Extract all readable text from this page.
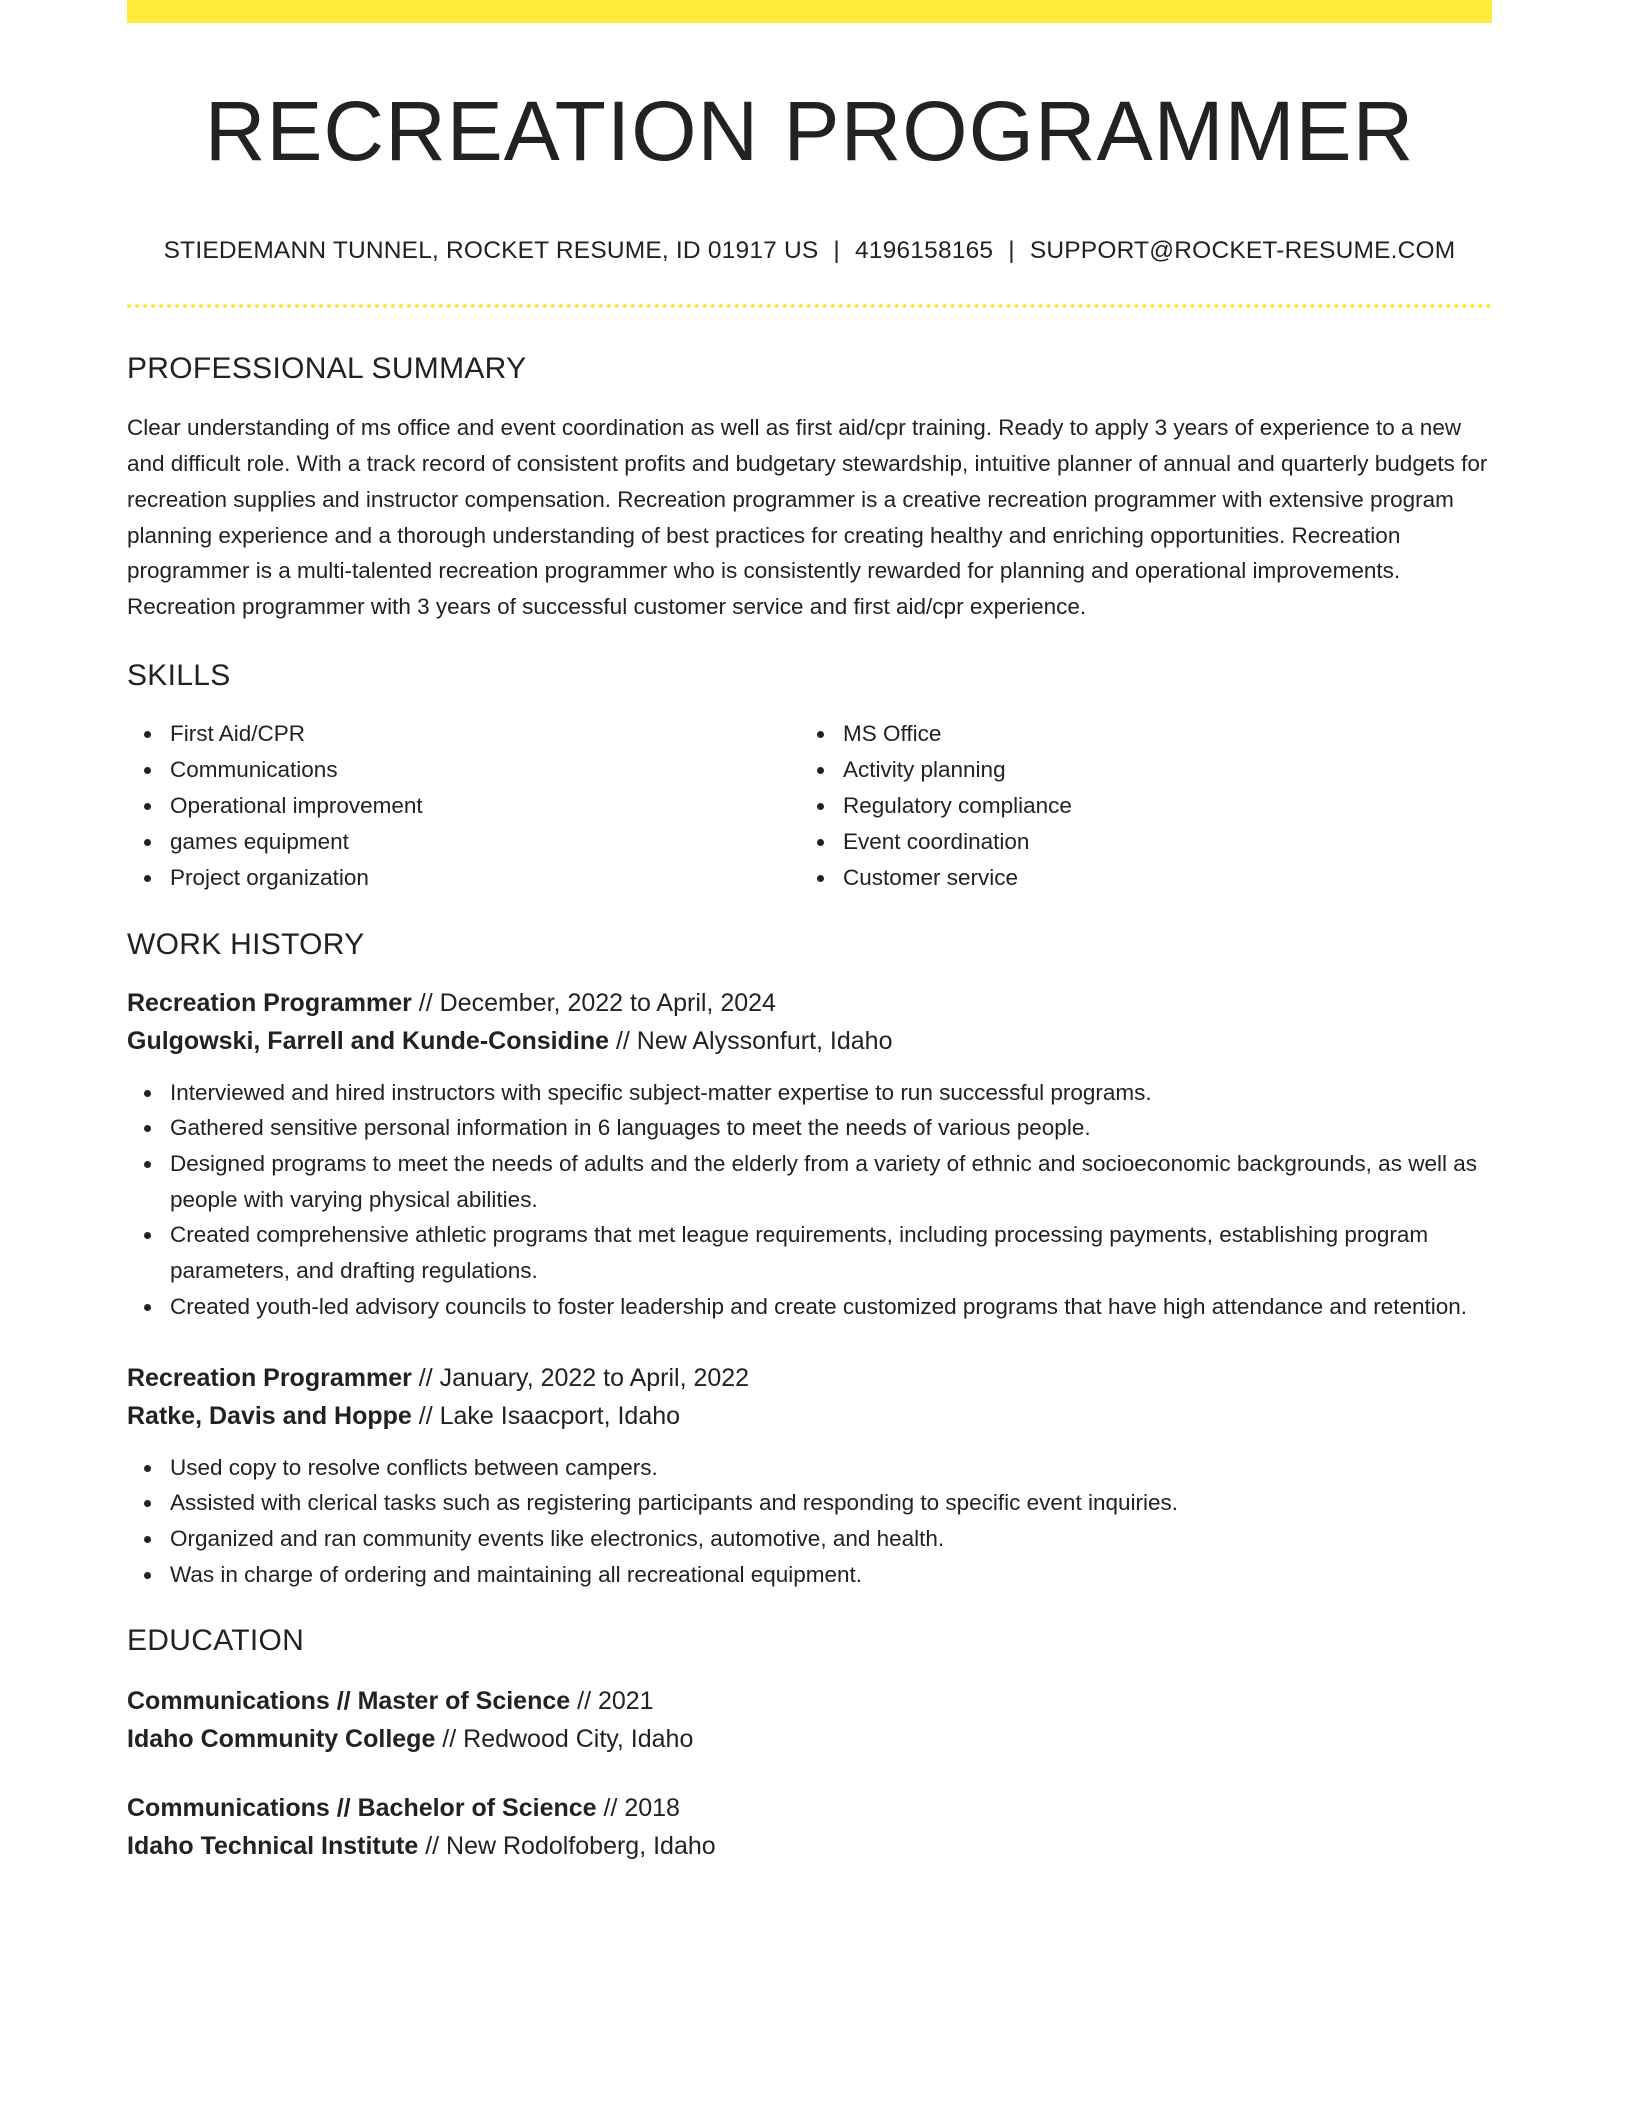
RECREATION PROGRAMMER
STIEDEMANN TUNNEL, ROCKET RESUME, ID 01917 US | 4196158165 | SUPPORT@ROCKET-RESUME.COM
PROFESSIONAL SUMMARY
Clear understanding of ms office and event coordination as well as first aid/cpr training. Ready to apply 3 years of experience to a new and difficult role. With a track record of consistent profits and budgetary stewardship, intuitive planner of annual and quarterly budgets for recreation supplies and instructor compensation. Recreation programmer is a creative recreation programmer with extensive program planning experience and a thorough understanding of best practices for creating healthy and enriching opportunities. Recreation programmer is a multi-talented recreation programmer who is consistently rewarded for planning and operational improvements. Recreation programmer with 3 years of successful customer service and first aid/cpr experience.
SKILLS
First Aid/CPR
Communications
Operational improvement
games equipment
Project organization
MS Office
Activity planning
Regulatory compliance
Event coordination
Customer service
WORK HISTORY
Recreation Programmer // December, 2022 to April, 2024
Gulgowski, Farrell and Kunde-Considine // New Alyssonfurt, Idaho
Interviewed and hired instructors with specific subject-matter expertise to run successful programs.
Gathered sensitive personal information in 6 languages to meet the needs of various people.
Designed programs to meet the needs of adults and the elderly from a variety of ethnic and socioeconomic backgrounds, as well as people with varying physical abilities.
Created comprehensive athletic programs that met league requirements, including processing payments, establishing program parameters, and drafting regulations.
Created youth-led advisory councils to foster leadership and create customized programs that have high attendance and retention.
Recreation Programmer // January, 2022 to April, 2022
Ratke, Davis and Hoppe // Lake Isaacport, Idaho
Used copy to resolve conflicts between campers.
Assisted with clerical tasks such as registering participants and responding to specific event inquiries.
Organized and ran community events like electronics, automotive, and health.
Was in charge of ordering and maintaining all recreational equipment.
EDUCATION
Communications // Master of Science // 2021
Idaho Community College // Redwood City, Idaho
Communications // Bachelor of Science // 2018
Idaho Technical Institute // New Rodolfoberg, Idaho
